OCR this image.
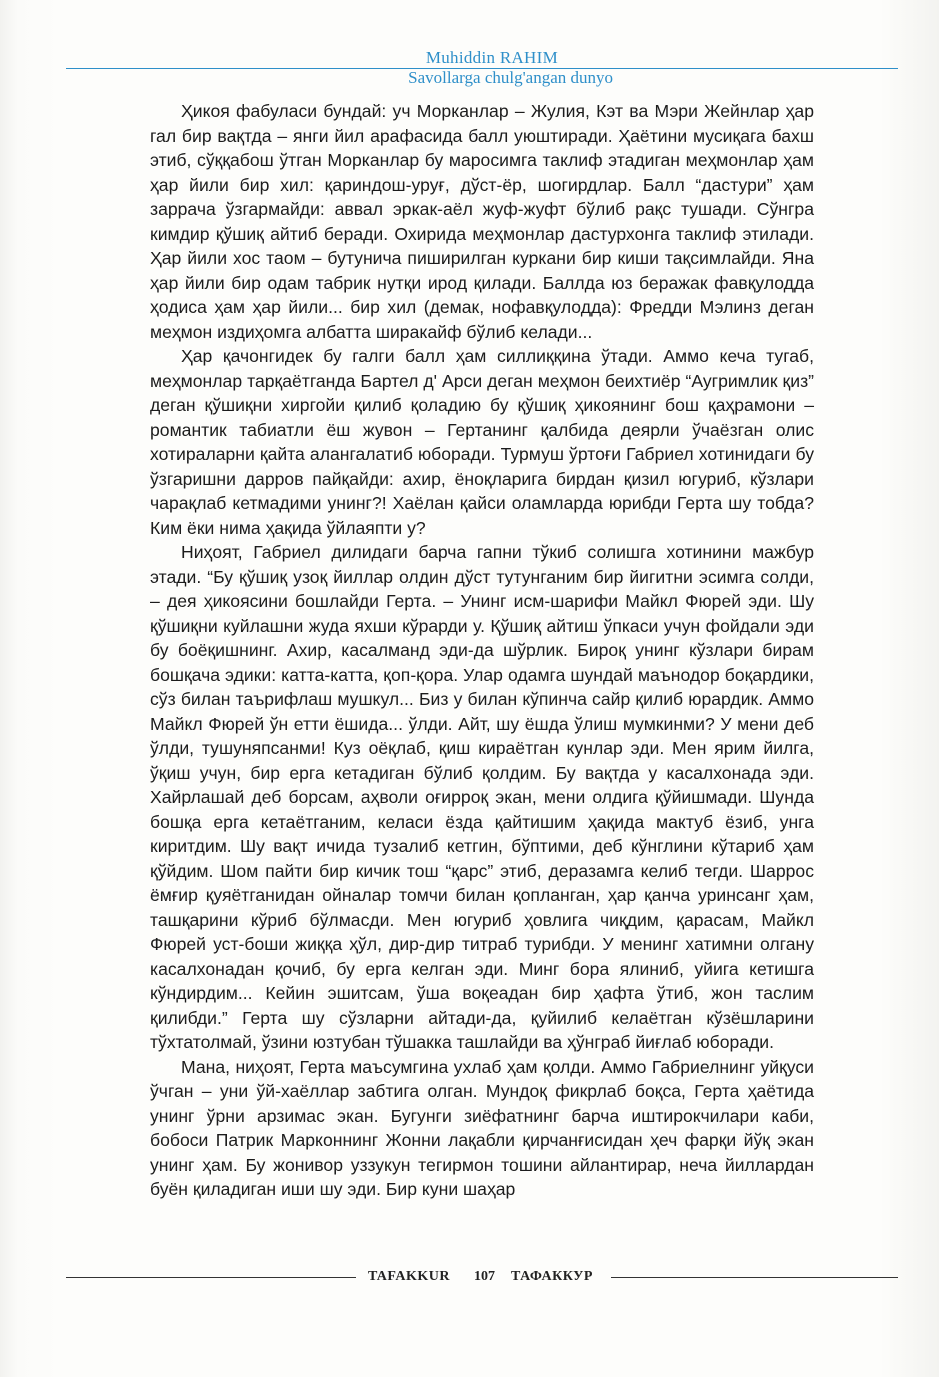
Muhiddin RAHIM
Savollarga chulg'angan dunyo

Ҳикоя фабуласи бундай: уч Морканлар – Жулия, Кэт ва Мэри Жейнлар ҳар гал бир вақтда – янги йил арафасида балл уюштиради. Ҳаётини мусиқага бахш этиб, сўққабош ўтган Морканлар бу маросимга таклиф этадиган меҳмонлар ҳам ҳар йили бир хил: қариндош-уруғ, дўст-ёр, шогирдлар. Балл “дастури” ҳам заррача ўзгармайди: аввал эркак-аёл жуф-жуфт бўлиб рақс тушади. Сўнгра кимдир қўшиқ айтиб беради. Охирида меҳмонлар дастурхонга таклиф этилади. Ҳар йили хос таом – бутунича пиширилган куркани бир киши тақсимлайди. Яна ҳар йили бир одам табрик нутқи ирод қилади. Баллда юз беражак фавқулодда ҳодиса ҳам ҳар йили... бир хил (демак, нофавқулодда): Фредди Мэлинз деган меҳмон издиҳомга албатта ширакайф бўлиб келади...

Ҳар қачонгидек бу галги балл ҳам силлиққина ўтади. Аммо кеча тугаб, меҳмонлар тарқаётганда Бартел д' Арси деган меҳмон беихтиёр “Аугримлик қиз” деган қўшиқни хиргойи қилиб қоладию бу қўшиқ ҳикоянинг бош қаҳрамони – романтик табиатли ёш жувон – Гертанинг қалбида деярли ўчаёзган олис хотираларни қайта алангалатиб юборади. Турмуш ўртоғи Габриел хотинидаги бу ўзгаришни дарров пайқайди: ахир, ёноқларига бирдан қизил югуриб, кўзлари чарақлаб кетмадими унинг?! Хаёлан қайси оламларда юрибди Герта шу тобда? Ким ёки нима ҳақида ўйлаяпти у?

Ниҳоят, Габриел дилидаги барча гапни тўкиб солишга хотинини мажбур этади. “Бу қўшиқ узоқ йиллар олдин дўст тутунганим бир йигитни эсимга солди, – дея ҳикоясини бошлайди Герта. – Унинг исм-шарифи Майкл Фюрей эди. Шу қўшиқни куйлашни жуда яхши кўрарди у. Қўшиқ айтиш ўпкаси учун фойдали эди бу боёқишнинг. Ахир, касалманд эди-да шўрлик. Бироқ унинг кўзлари бирам бошқача эдики: катта-катта, қоп-қора. Улар одамга шундай маънодор боқардики, сўз билан таърифлаш мушкул... Биз у билан кўпинча сайр қилиб юрардик. Аммо Майкл Фюрей ўн етти ёшида... ўлди. Айт, шу ёшда ўлиш мумкинми? У мени деб ўлди, тушуняпсанми! Куз оёқлаб, қиш кираётган кунлар эди. Мен ярим йилга, ўқиш учун, бир ерга кетадиган бўлиб қолдим. Бу вақтда у касалхонада эди. Хайрлашай деб борсам, аҳволи оғирроқ экан, мени олдига қўйишмади. Шунда бошқа ерга кетаётганим, келаси ёзда қайтишим ҳақида мактуб ёзиб, унга киритдим. Шу вақт ичида тузалиб кетгин, бўптими, деб кўнглини кўтариб ҳам қўйдим. Шом пайти бир кичик тош “қарс” этиб, деразамга келиб тегди. Шаррос ёмғир қуяётганидан ойналар томчи билан қопланган, ҳар қанча уринсанг ҳам, ташқарини кўриб бўлмасди. Мен югуриб ҳовлига чиқдим, қарасам, Майкл Фюрей уст-боши жиққа ҳўл, дир-дир титраб турибди. У менинг хатимни олгану касалхонадан қочиб, бу ерга келган эди. Минг бора ялиниб, уйига кетишга кўндирдим... Кейин эшитсам, ўша воқеадан бир ҳафта ўтиб, жон таслим қилибди.” Герта шу сўзларни айтади-да, қуйилиб келаётган кўзёшларини тўхтатолмай, ўзини юзтубан тўшакка ташлайди ва ҳўнграб йиғлаб юборади.

Мана, ниҳоят, Герта маъсумгина ухлаб ҳам қолди. Аммо Габриелнинг уйқуси ўчган – уни ўй-хаёллар забтига олган. Мундоқ фикрлаб боқса, Герта ҳаётида унинг ўрни арзимас экан. Бугунги зиёфатнинг барча иштирокчилари каби, бобоси Патрик Марконнинг Жонни лақабли қирчанғисидан ҳеч фарқи йўқ экан унинг ҳам. Бу жонивор уззукун тегирмон тошини айлантирар, неча йиллардан буён қиладиган иши шу эди. Бир куни шаҳар

TAFAKKUR 107 ТАФАККУР
